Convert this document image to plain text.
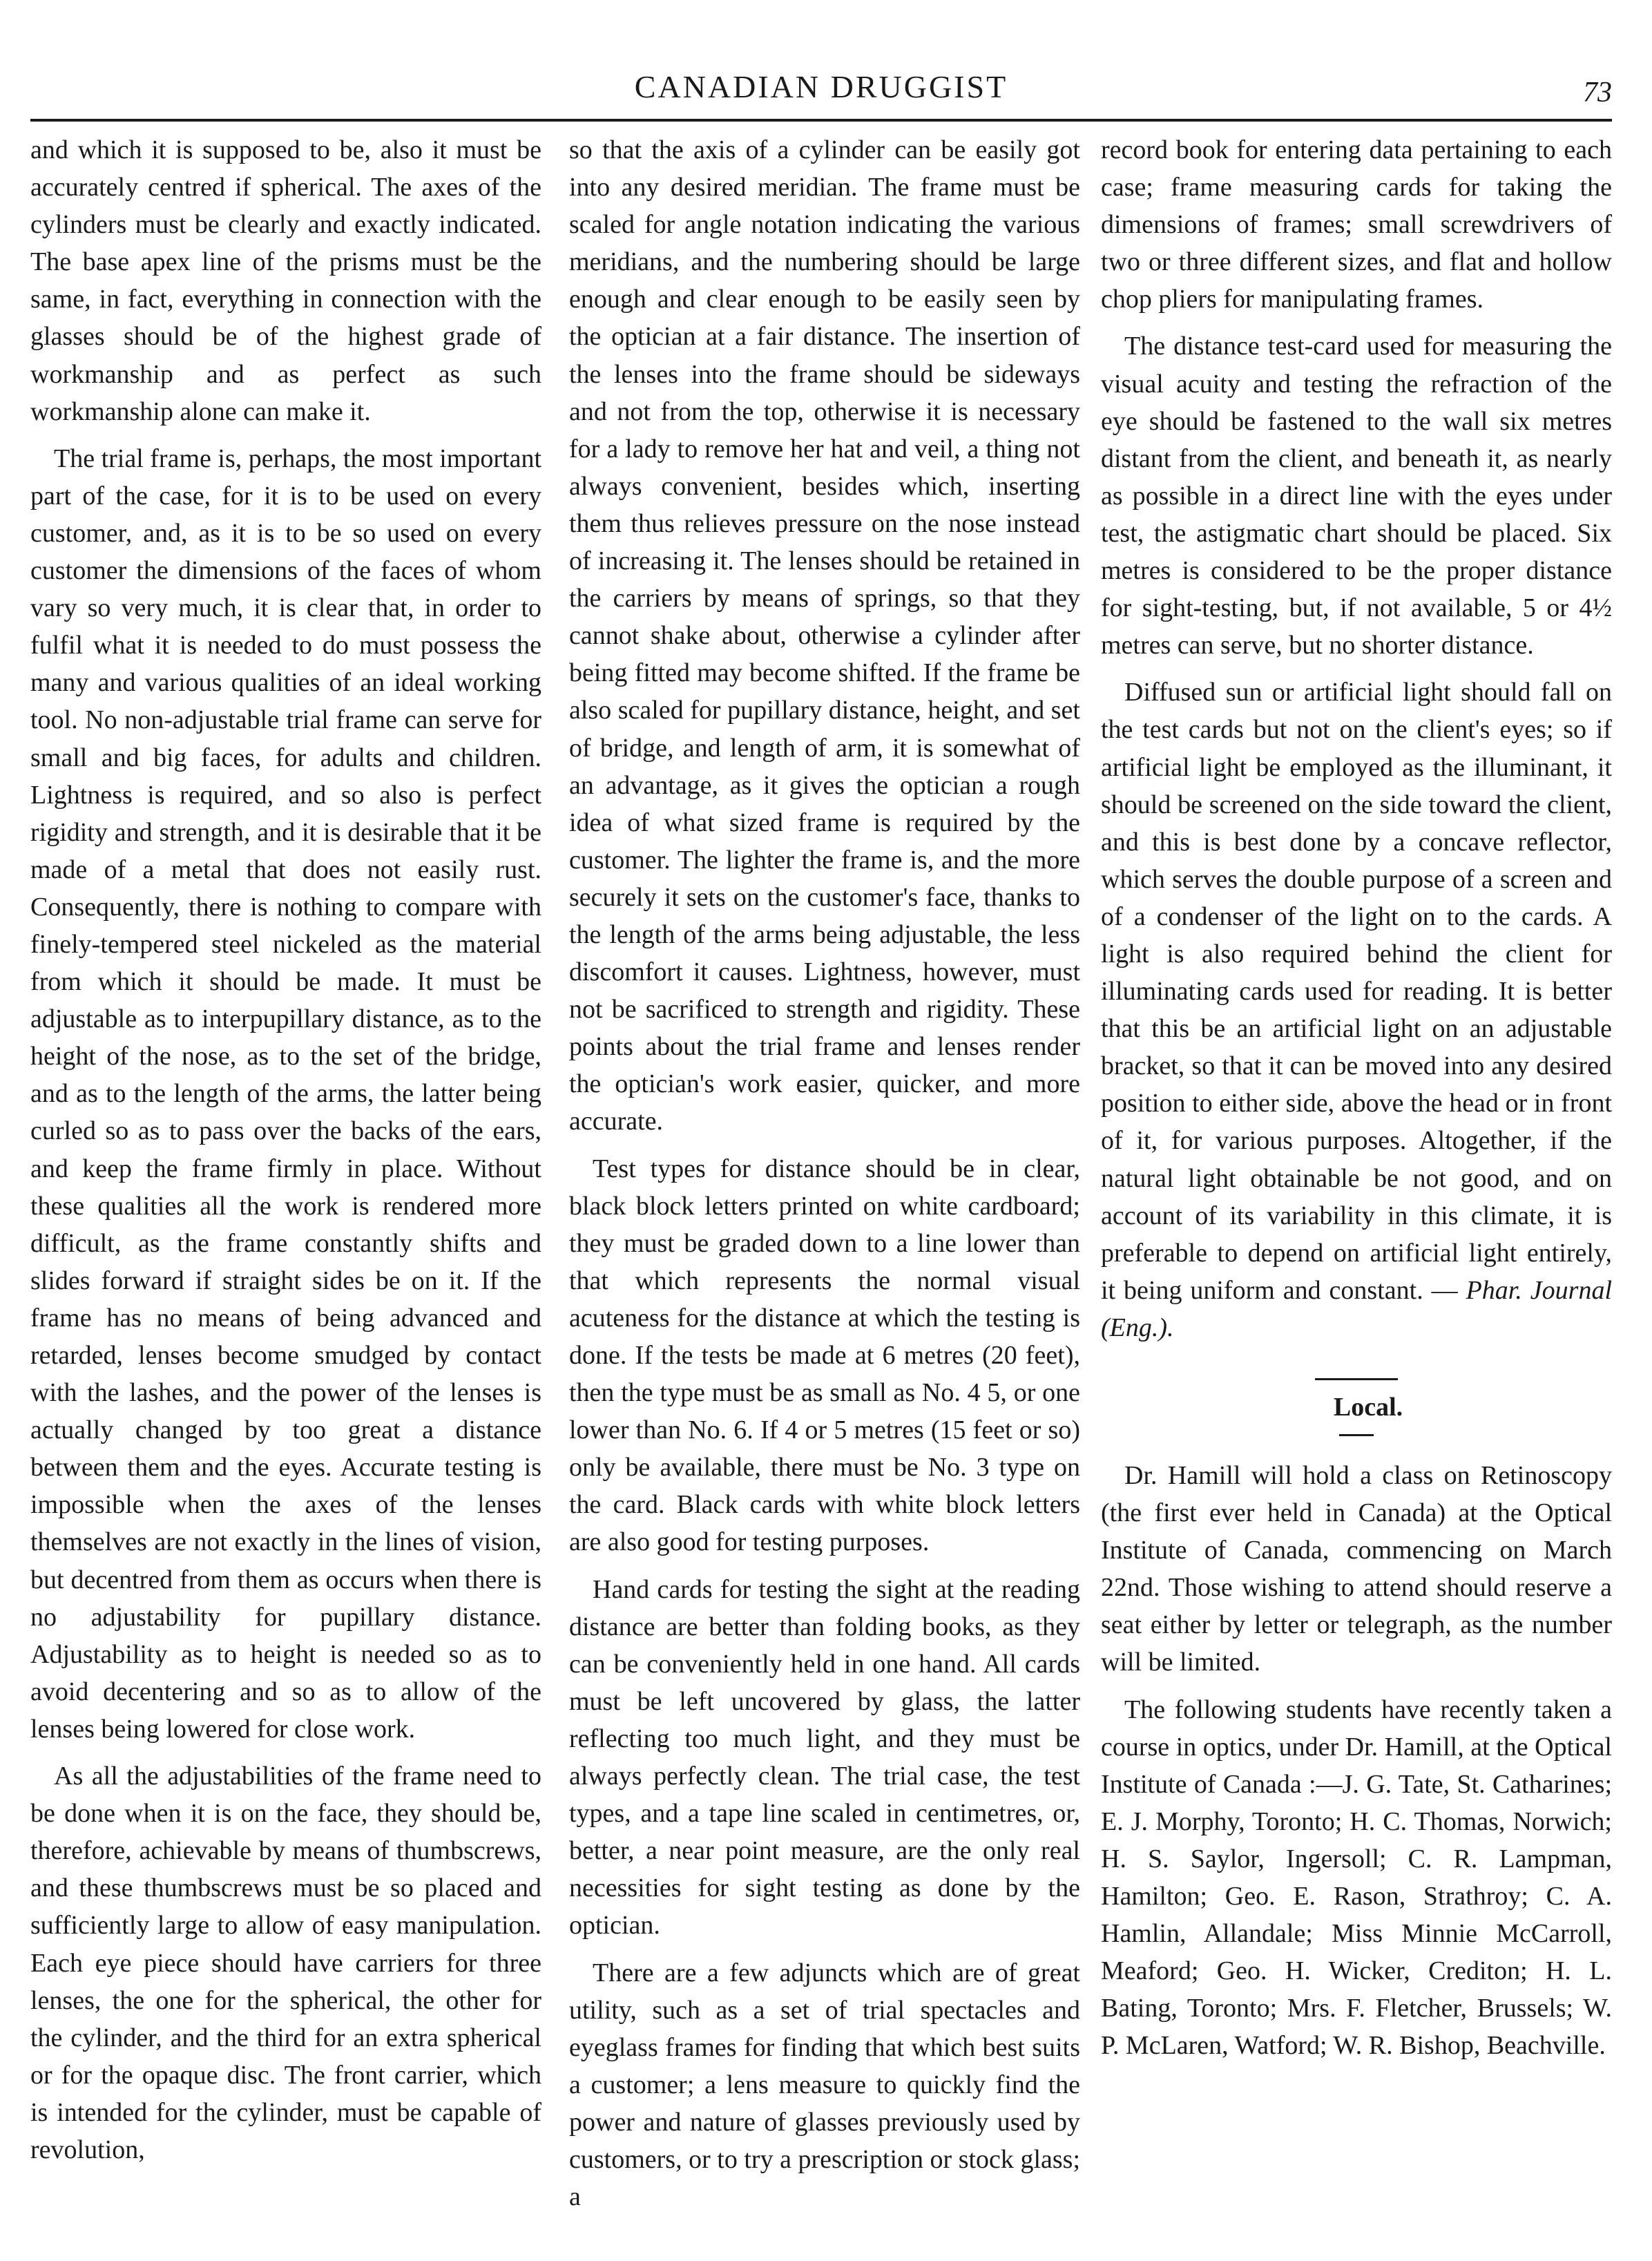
CANADIAN DRUGGIST	73

and which it is supposed to be, also it must be accurately centred if spherical. The axes of the cylinders must be clearly and exactly indicated. The base apex line of the prisms must be the same, in fact, everything in connection with the glasses should be of the highest grade of workmanship and as perfect as such workmanship alone can make it.

The trial frame is, perhaps, the most important part of the case, for it is to be used on every customer, and, as it is to be so used on every customer the dimensions of the faces of whom vary so very much, it is clear that, in order to fulfil what it is needed to do must possess the many and various qualities of an ideal working tool. No non-adjustable trial frame can serve for small and big faces, for adults and children. Lightness is required, and so also is perfect rigidity and strength, and it is desirable that it be made of a metal that does not easily rust. Consequently, there is nothing to compare with finely-tempered steel nickeled as the material from which it should be made. It must be adjustable as to interpupillary distance, as to the height of the nose, as to the set of the bridge, and as to the length of the arms, the latter being curled so as to pass over the backs of the ears, and keep the frame firmly in place. Without these qualities all the work is rendered more difficult, as the frame constantly shifts and slides forward if straight sides be on it. If the frame has no means of being advanced and retarded, lenses become smudged by contact with the lashes, and the power of the lenses is actually changed by too great a distance between them and the eyes. Accurate testing is impossible when the axes of the lenses themselves are not exactly in the lines of vision, but decentred from them as occurs when there is no adjustability for pupillary distance. Adjustability as to height is needed so as to avoid decentering and so as to allow of the lenses being lowered for close work.

As all the adjustabilities of the frame need to be done when it is on the face, they should be, therefore, achievable by means of thumbscrews, and these thumbscrews must be so placed and sufficiently large to allow of easy manipulation. Each eye piece should have carriers for three lenses, the one for the spherical, the other for the cylinder, and the third for an extra spherical or for the opaque disc. The front carrier, which is intended for the cylinder, must be capable of revolution,

so that the axis of a cylinder can be easily got into any desired meridian. The frame must be scaled for angle notation indicating the various meridians, and the numbering should be large enough and clear enough to be easily seen by the optician at a fair distance. The insertion of the lenses into the frame should be sideways and not from the top, otherwise it is necessary for a lady to remove her hat and veil, a thing not always convenient, besides which, inserting them thus relieves pressure on the nose instead of increasing it. The lenses should be retained in the carriers by means of springs, so that they cannot shake about, otherwise a cylinder after being fitted may become shifted. If the frame be also scaled for pupillary distance, height, and set of bridge, and length of arm, it is somewhat of an advantage, as it gives the optician a rough idea of what sized frame is required by the customer. The lighter the frame is, and the more securely it sets on the customer's face, thanks to the length of the arms being adjustable, the less discomfort it causes. Lightness, however, must not be sacrificed to strength and rigidity. These points about the trial frame and lenses render the optician's work easier, quicker, and more accurate.

Test types for distance should be in clear, black block letters printed on white cardboard; they must be graded down to a line lower than that which represents the normal visual acuteness for the distance at which the testing is done. If the tests be made at 6 metres (20 feet), then the type must be as small as No. 4 5, or one lower than No. 6. If 4 or 5 metres (15 feet or so) only be available, there must be No. 3 type on the card. Black cards with white block letters are also good for testing purposes.

Hand cards for testing the sight at the reading distance are better than folding books, as they can be conveniently held in one hand. All cards must be left uncovered by glass, the latter reflecting too much light, and they must be always perfectly clean. The trial case, the test types, and a tape line scaled in centimetres, or, better, a near point measure, are the only real necessities for sight testing as done by the optician.

There are a few adjuncts which are of great utility, such as a set of trial spectacles and eyeglass frames for finding that which best suits a customer; a lens measure to quickly find the power and nature of glasses previously used by customers, or to try a prescription or stock glass; a

record book for entering data pertaining to each case; frame measuring cards for taking the dimensions of frames; small screwdrivers of two or three different sizes, and flat and hollow chop pliers for manipulating frames.

The distance test-card used for measuring the visual acuity and testing the refraction of the eye should be fastened to the wall six metres distant from the client, and beneath it, as nearly as possible in a direct line with the eyes under test, the astigmatic chart should be placed. Six metres is considered to be the proper distance for sight-testing, but, if not available, 5 or 4½ metres can serve, but no shorter distance.

Diffused sun or artificial light should fall on the test cards but not on the client's eyes; so if artificial light be employed as the illuminant, it should be screened on the side toward the client, and this is best done by a concave reflector, which serves the double purpose of a screen and of a condenser of the light on to the cards. A light is also required behind the client for illuminating cards used for reading. It is better that this be an artificial light on an adjustable bracket, so that it can be moved into any desired position to either side, above the head or in front of it, for various purposes. Altogether, if the natural light obtainable be not good, and on account of its variability in this climate, it is preferable to depend on artificial light entirely, it being uniform and constant. — Phar. Journal (Eng.).

Local.

Dr. Hamill will hold a class on Retinoscopy (the first ever held in Canada) at the Optical Institute of Canada, commencing on March 22nd. Those wishing to attend should reserve a seat either by letter or telegraph, as the number will be limited.

The following students have recently taken a course in optics, under Dr. Hamill, at the Optical Institute of Canada :—J. G. Tate, St. Catharines; E. J. Morphy, Toronto; H. C. Thomas, Norwich; H. S. Saylor, Ingersoll; C. R. Lampman, Hamilton; Geo. E. Rason, Strathroy; C. A. Hamlin, Allandale; Miss Minnie McCarroll, Meaford; Geo. H. Wicker, Crediton; H. L. Bating, Toronto; Mrs. F. Fletcher, Brussels; W. P. McLaren, Watford; W. R. Bishop, Beachville.
